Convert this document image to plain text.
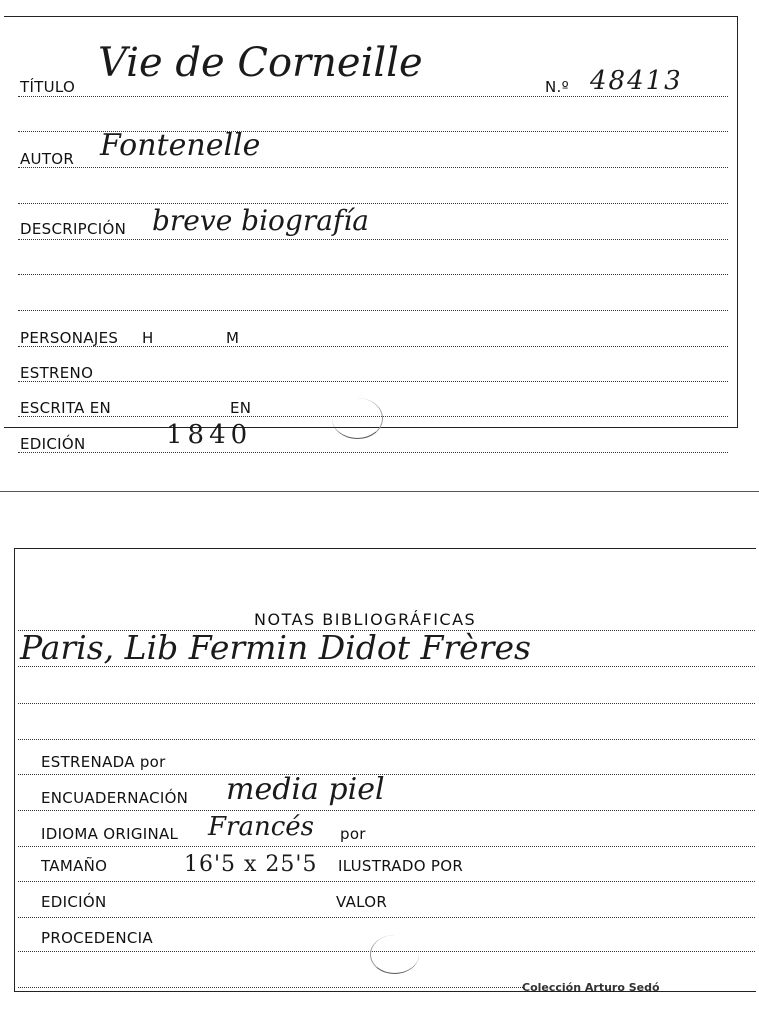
TÍTULO
Vie de Corneille
N.º 48413
AUTOR Fontenelle
DESCRIPCIÓN breve biografía
PERSONAJES H	M
ESTRENO
ESCRITA EN	EN
EDICIÓN	1840
NOTAS BIBLIOGRÁFICAS
Paris, Lib Fermin Didot Frères
ESTRENADA por
ENCUADERNACIÓN media piel
IDIOMA ORIGINAL Francés por
TAMAÑO	16'5 x 25'5 ILUSTRADO POR
EDICIÓN	VALOR
PROCEDENCIA
Colección Arturo Sedó
